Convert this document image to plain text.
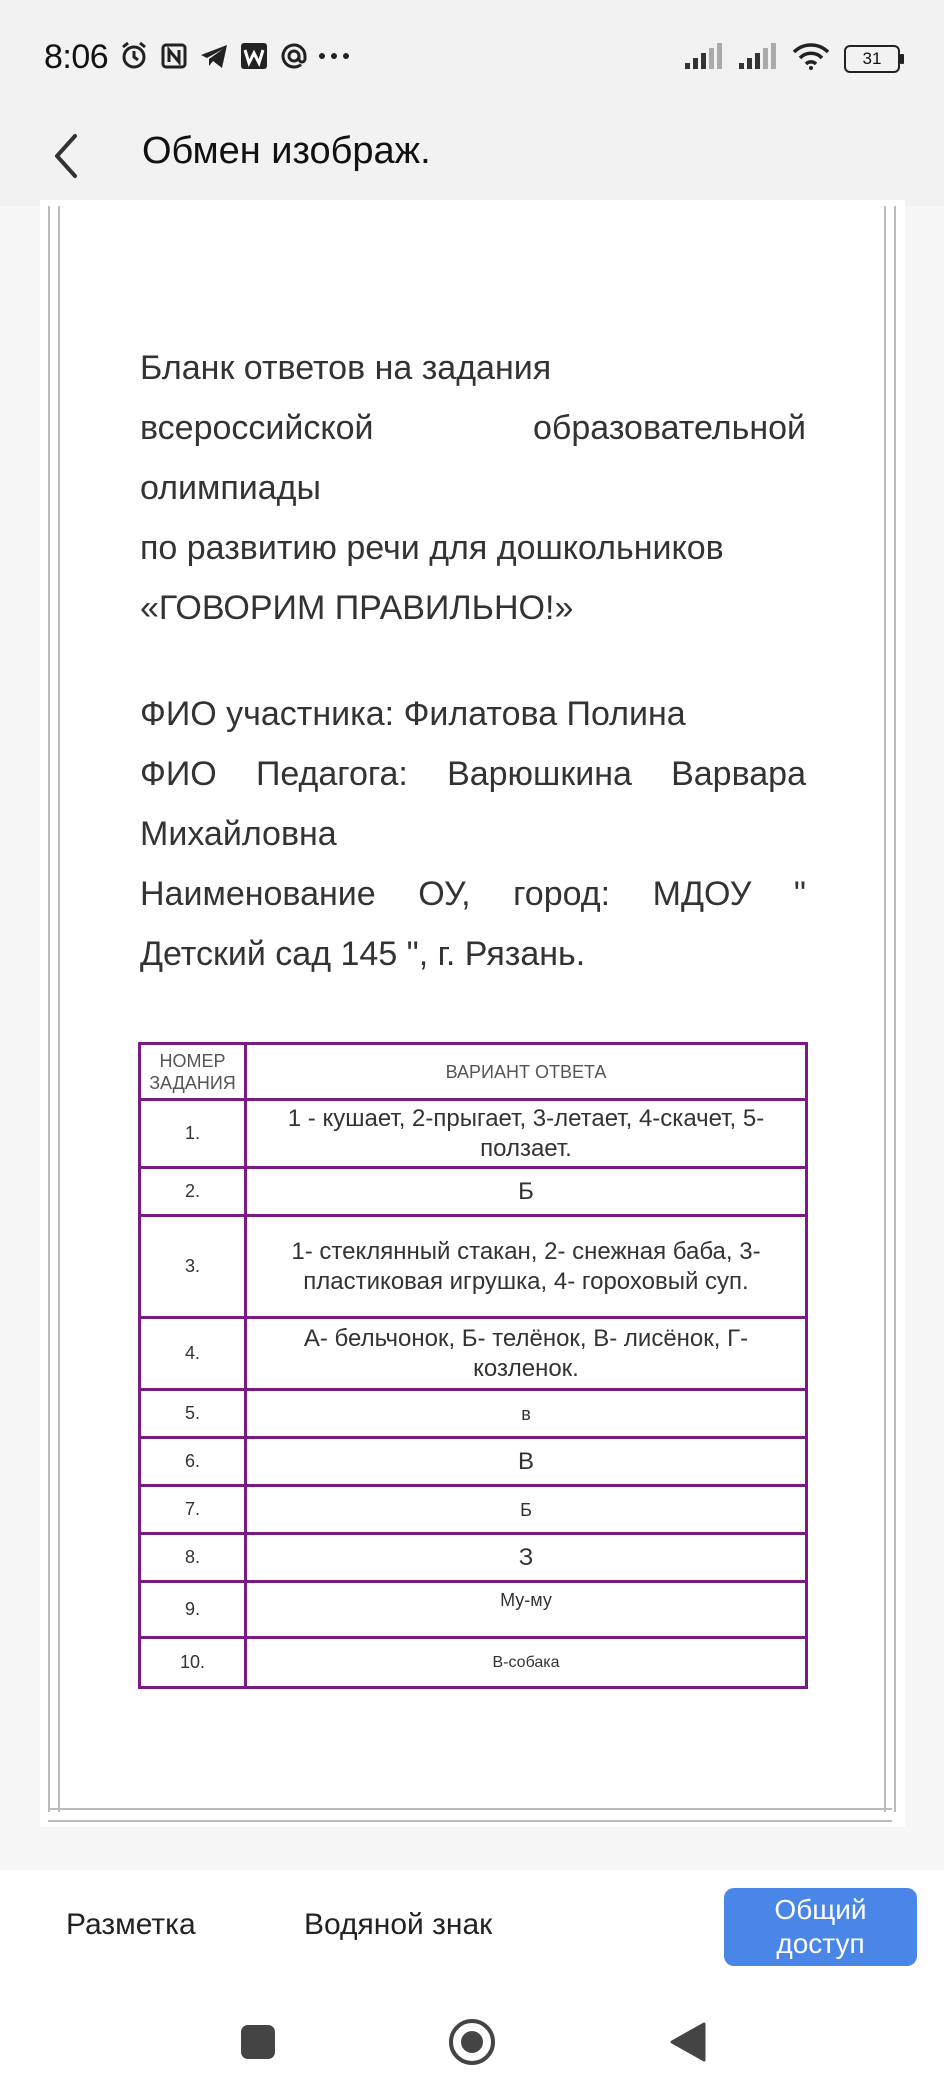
8:06	31
Обмен изображ.
Бланк ответов на задания
всероссийской	образовательной
олимпиады
по развитию речи для дошкольников
«ГОВОРИМ ПРАВИЛЬНО!»
ФИО участника: Филатова Полина
ФИО Педагога: Варюшкина Варвара
Михайловна
Наименование ОУ, город: МДОУ "
Детский сад 145 ", г. Рязань.
НОМЕР ЗАДАНИЯ	ВАРИАНТ ОТВЕТА
1.	1 - кушает, 2-прыгает, 3-летает, 4-скачет, 5-ползает.
2.	Б
3.	1- стеклянный стакан, 2- снежная баба, 3- пластиковая игрушка, 4- гороховый суп.
4.	А- бельчонок, Б- телёнок, В- лисёнок, Г- козленок.
5.	в
6.	В
7.	Б
8.	З
9.	Му-му
10.	В-собака
Разметка	Водяной знак	Общий доступ
